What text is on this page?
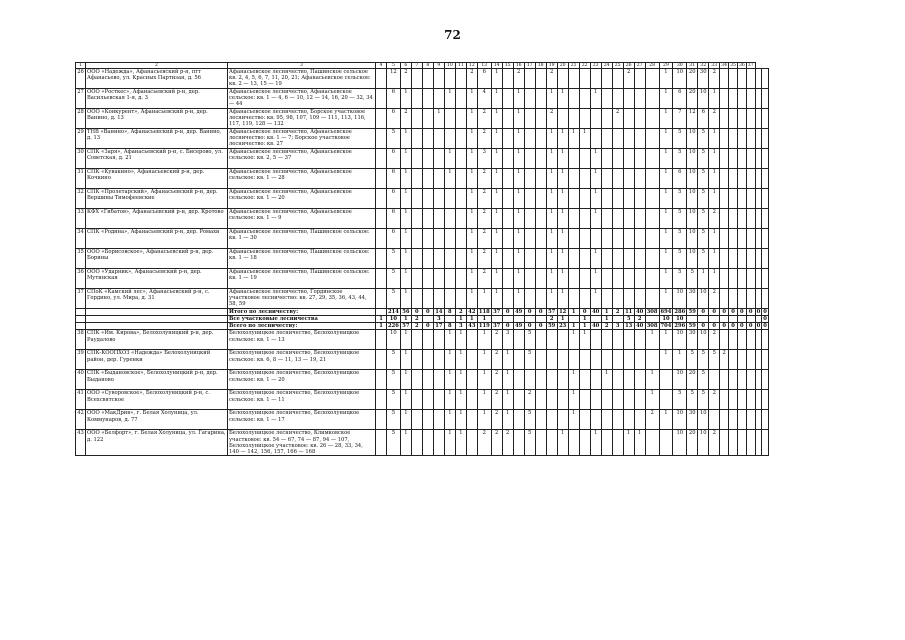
72
1	2	3	4	5	6	7	8	9	10	11	12	13	14	15	16	17	18	19	20	21	22	23	24	25	26	27	28	29	30	31	32	33	34	35	36	37		
26	ООО «Надежда», Афанасьевский р-н, пгт Афанасьево, ул. Красных Партизан, д. 56	Афанасьевское лесничество, Пашинское сельское кв. 2, 4, 5, 6, 7, 11, 20, 21; Афанасьевское сельское: кв. 2 — 13, 15 — 19		12	2						2	6	1		2			2							2			1	10	20	30	2						
27	ООО «Росткес», Афанасьевский р-н, дер. Васильевская 1-я, д. 3	Афанасьевское лесничество, Афанасьевское сельское: кв. 1 — 4, 6 — 10, 12 — 14, 16, 20 — 32, 34 — 44		6	1				1		1	4	1		1			1	1			1						1	6	20	10	1						
28	ООО «Конкурент», Афанасьевский р-н, дер. Ванино, д. 13	Афанасьевское лесничество, Борское участковое лесничество: кв. 95, 98, 107, 109 — 111, 113, 116, 117, 119, 128 — 132		6	2			1			1	2	1		1			2						2				1	7	12	6	2						
29	ТНВ «Ванино», Афанасьевский р-н, дер. Ванино, д. 13	Афанасьевское лесничество, Афанасьевское лесничество: кв. 1 — 7; Борское участковое лесничество: кв. 27		5	1						1	2	1		1			1	1	1	1							1	5	10	5	1						
30	СПК «Заря», Афанасьевский р-н, с. Бисерово, ул. Советская, д. 21	Афанасьевское лесничество, Афанасьевское сельское: кв. 2, 5 — 37		6	1				1		1	3	1		1			1	1			1						1	5	10	5	1						
31	СПК «Кувакино», Афанасьевский р-н, дер. Кочкино	Афанасьевское лесничество, Афанасьевское сельское: кв. 1 — 28		6	1				1		1	2	1		1			1	1			1						1	6	10	5	1						
32	СПК «Пролетарский», Афанасьевский р-н, дер. Вершины Тимофеевские	Афанасьевское лесничество, Афанасьевское сельское: кв. 1 — 20		6	1						1	2	1		1			1	1			1						1	5	10	5	1						
33	КФХ «Гибатов», Афанасьевский р-н, дер. Кротово	Афанасьевское лесничество, Афанасьевское сельское: кв. 1 — 9		6	1						1	2	1		1			1	1			1						1	5	10	5	2						
34	СПК «Родина», Афанасьевский р-н, дер. Ромахи	Афанасьевское лесничество, Пашинское сельское: кв. 1 — 30		6	1						1	2	1		1			1	1									1	5	10	5	1						
35	ООО «Борисовское», Афанасьевский р-н, дер. Борины	Афанасьевское лесничество, Пашинское сельское: кв. 1 — 18		5	1						1	2	1		1			1	1			1						1	5	10	5	1						
36	ООО «Ударник», Афанасьевский р-н, дер. Мутинская	Афанасьевское лесничество, Пашинское сельское: кв. 1 — 19		5	1						1	2	1		1			1	1			1						1	5	5	1	1						
37	СПоК «Камский лес», Афанасьевский р-н, с. Гордино, ул. Мира, д. 31	Афанасьевское лесничество, Гординское участковое лесничество: кв. 27, 29, 35, 36, 43, 44, 58, 59		5	1						1	1	1		1			1	1			1						1	10	30	10	2						
		Итого по лесничеству:		214	56	0	0	14	8	2	42	118	37	0	49	0	0	57	12	1	0	40	1	2	11	40	308	694	286	59	0	0	0	0	0	0	0	0
		Все участковые лесничества	1	10	1	2		3		1	1	1						2	1		1		1		5	2		10	10									0
		Всего по лесничеству:	1	226	57	2	0	17	8	3	43	119	37	0	49	0	0	59	23	1	1	40	2	3	13	40	308	704	296	59	0	0	0	0	0	0	0	0
38	СПК «Им. Кирова», Белохолуницкий р-н, дер. Раудалово	Белохолуницкое лесничество, Белохолуницкое сельское: кв. 1 — 13		10	1				1	1		1	2	3		5				1	1						1	1	10	30	10	2						
39	СПК-КООПХОЗ «Надежда» Белохолуницкий район, дер. Гуренки	Белохолуницкое лесничество, Белохолуницкое сельское: кв. 6, 8 — 11, 13 — 19, 21		5	1				1	1		1	2	1		5												1	1	5	5	5	2					
40	СПК «Быдановское», Белохолуницкий р-н, дер. Быданово	Белохолуницкое лесничество, Белохолуницкое сельское: кв. 1 — 20		5	1				1	1		1	2	1						1			1				1		10	20	5							
41	ООО «Суворовское», Белохолуницкий р-н, с. Всехсвятское	Белохолуницкое лесничество, Белохолуницкое сельское: кв. 1 — 11		5	1				1	1		1	2	1		2				1							1		5	5	5	2						
42	ООО «МакДрив», г. Белая Холуница, ул. Коммунаров, д. 77	Белохолуницкое лесничество, Белохолуницкое сельское: кв. 1 — 17		5	1				1	1		1	2	1		5				1							2	1	10	30	10							
43	ООО «Белфорт», г. Белая Холуница, ул. Гагарина, д. 122	Белохолуницкое лесничество, Климковское участковое: кв. 54 — 67, 74 — 87, 94 — 107, Белохолуницкое участковое: кв. 26 — 28, 33, 34, 140 — 142, 156, 157, 166 — 168		5	1				1	1		2	2	2		5			1			1			1	1			10	20	10	2						
